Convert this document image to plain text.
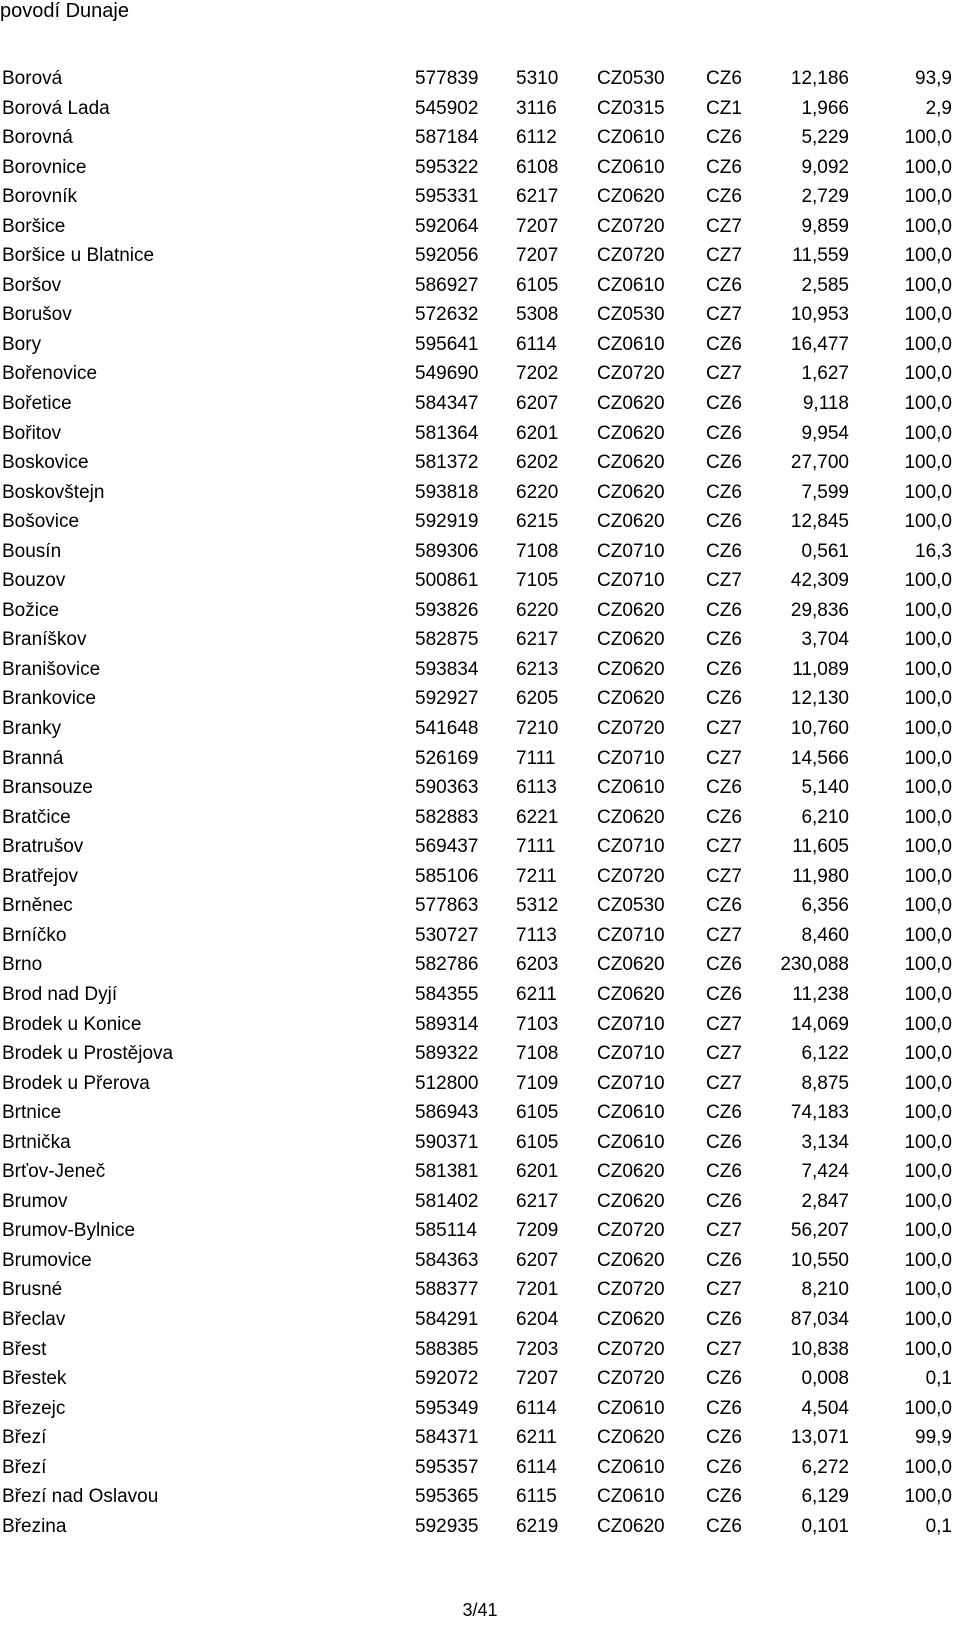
povodí Dunaje
Borová	577839 5310 CZ0530 CZ6	12,186	93,9
Borová Lada	545902 3116 CZ0315 CZ1	1,966	2,9
Borovná	587184 6112 CZ0610 CZ6	5,229	100,0
Borovnice	595322 6108 CZ0610 CZ6	9,092	100,0
Borovník	595331 6217 CZ0620 CZ6	2,729	100,0
Boršice	592064 7207 CZ0720 CZ7	9,859	100,0
Boršice u Blatnice	592056 7207 CZ0720 CZ7	11,559	100,0
Boršov	586927 6105 CZ0610 CZ6	2,585	100,0
Borušov	572632 5308 CZ0530 CZ7	10,953	100,0
Bory	595641 6114 CZ0610 CZ6	16,477	100,0
Bořenovice	549690 7202 CZ0720 CZ7	1,627	100,0
Bořetice	584347 6207 CZ0620 CZ6	9,118	100,0
Bořitov	581364 6201 CZ0620 CZ6	9,954	100,0
Boskovice	581372 6202 CZ0620 CZ6	27,700	100,0
Boskovštejn	593818 6220 CZ0620 CZ6	7,599	100,0
Bošovice	592919 6215 CZ0620 CZ6	12,845	100,0
Bousín	589306 7108 CZ0710 CZ6	0,561	16,3
Bouzov	500861 7105 CZ0710 CZ7	42,309	100,0
Božice	593826 6220 CZ0620 CZ6	29,836	100,0
Braníškov	582875 6217 CZ0620 CZ6	3,704	100,0
Branišovice	593834 6213 CZ0620 CZ6	11,089	100,0
Brankovice	592927 6205 CZ0620 CZ6	12,130	100,0
Branky	541648 7210 CZ0720 CZ7	10,760	100,0
Branná	526169 7111 CZ0710 CZ7	14,566	100,0
Bransouze	590363 6113 CZ0610 CZ6	5,140	100,0
Bratčice	582883 6221 CZ0620 CZ6	6,210	100,0
Bratrušov	569437 7111 CZ0710 CZ7	11,605	100,0
Bratřejov	585106 7211 CZ0720 CZ7	11,980	100,0
Brněnec	577863 5312 CZ0530 CZ6	6,356	100,0
Brníčko	530727 7113 CZ0710 CZ7	8,460	100,0
Brno	582786 6203 CZ0620 CZ6 230,088	100,0
Brod nad Dyjí	584355 6211 CZ0620 CZ6	11,238	100,0
Brodek u Konice	589314 7103 CZ0710 CZ7	14,069	100,0
Brodek u Prostějova	589322 7108 CZ0710 CZ7	6,122	100,0
Brodek u Přerova	512800 7109 CZ0710 CZ7	8,875	100,0
Brtnice	586943 6105 CZ0610 CZ6	74,183	100,0
Brtnička	590371 6105 CZ0610 CZ6	3,134	100,0
Brťov-Jeneč	581381 6201 CZ0620 CZ6	7,424	100,0
Brumov	581402 6217 CZ0620 CZ6	2,847	100,0
Brumov-Bylnice	585114 7209 CZ0720 CZ7	56,207	100,0
Brumovice	584363 6207 CZ0620 CZ6	10,550	100,0
Brusné	588377 7201 CZ0720 CZ7	8,210	100,0
Břeclav	584291 6204 CZ0620 CZ6	87,034	100,0
Břest	588385 7203 CZ0720 CZ7	10,838	100,0
Břestek	592072 7207 CZ0720 CZ6	0,008	0,1
Březejc	595349 6114 CZ0610 CZ6	4,504	100,0
Březí	584371 6211 CZ0620 CZ6	13,071	99,9
Březí	595357 6114 CZ0610 CZ6	6,272	100,0
Březí nad Oslavou	595365 6115 CZ0610 CZ6	6,129	100,0
Březina	592935 6219 CZ0620 CZ6	0,101	0,1
3/41
